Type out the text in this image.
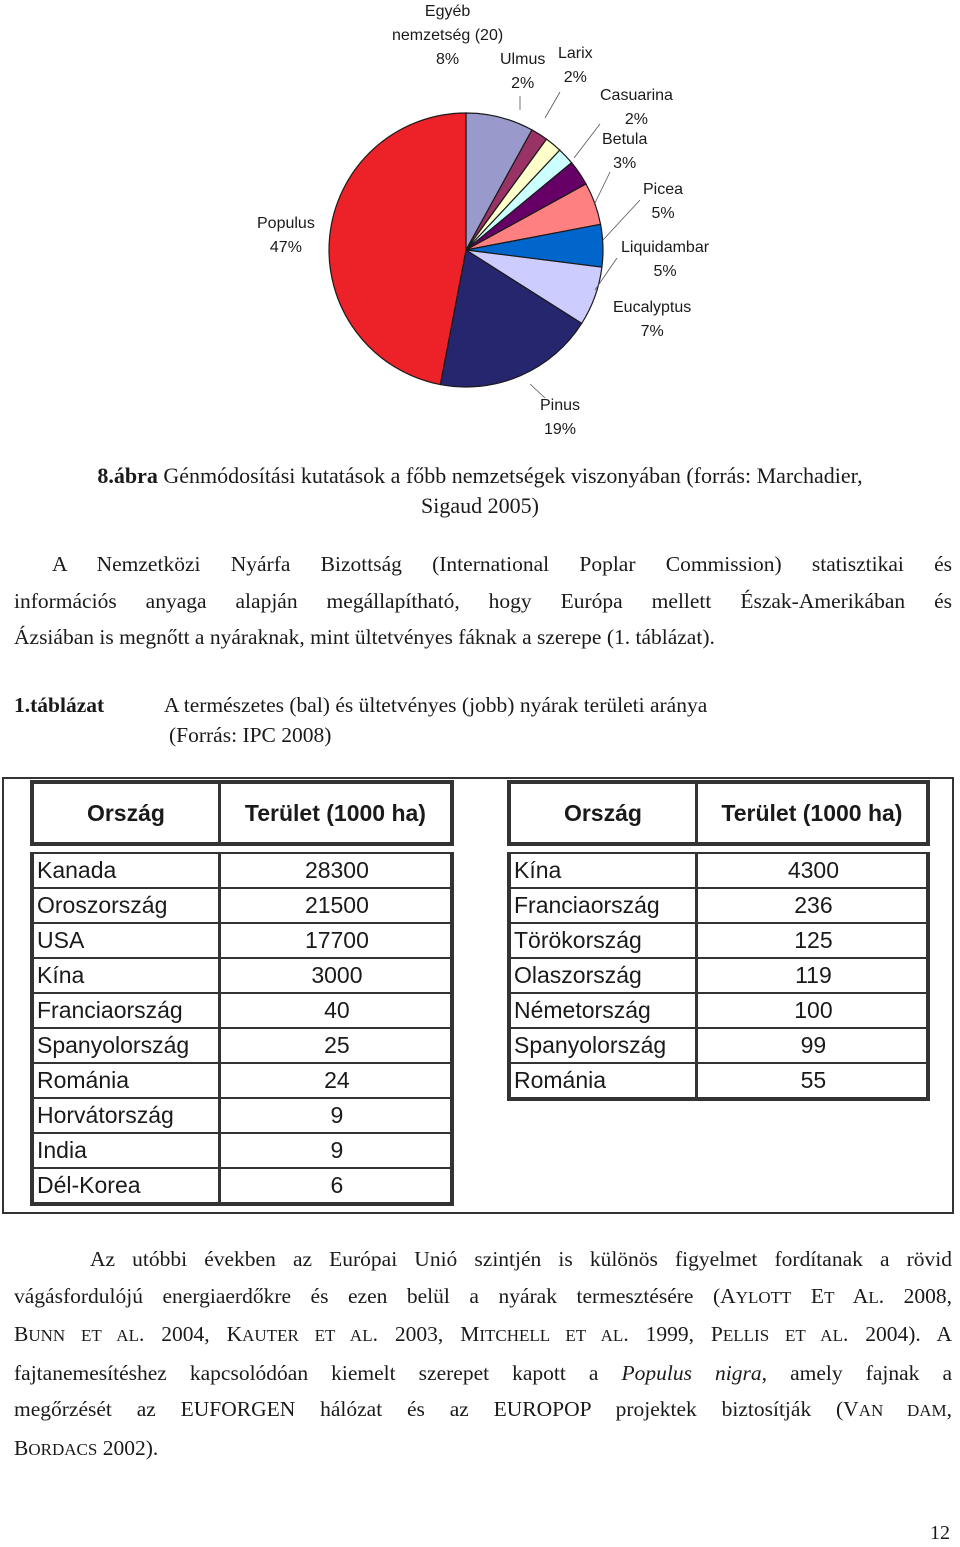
Egyéb
nemzetség (20)
8%	Ulmus
2%
Larix
2%
Casuarina
2%
Betula
3%
Picea
5%
Liquidambar
5%
Eucalyptus
7%
Pinus
19%
Populus
47%
8.ábra Génmódosítási kutatások a főbb nemzetségek viszonyában (forrás: Marchadier,
Sigaud 2005)
A Nemzetközi Nyárfa Bizottság (International Poplar Commission) statisztikai és
információs anyaga alapján megállapítható, hogy Európa mellett Észak-Amerikában és
Ázsiában is megnőtt a nyáraknak, mint ültetvényes fáknak a szerepe (1. táblázat).
1.táblázat	A természetes (bal) és ültetvényes (jobb) nyárak területi aránya
(Forrás: IPC 2008)
Ország	Terület (1000 ha)

Kanada	28300
Oroszország	21500
USA	17700
Kína	3000
Franciaország	40
Spanyolország	25
Románia	24
Horvátország	9
India	9
Dél-Korea	6
Ország	Terület (1000 ha)

Kína	4300
Franciaország	236
Törökország	125
Olaszország	119
Németország	100
Spanyolország	99
Románia	55
Az utóbbi években az Európai Unió szintjén is különös figyelmet fordítanak a rövid
vágásfordulójú energiaerdőkre és ezen belül a nyárak termesztésére (AYLOTT ET AL. 2008,
BUNN ET AL. 2004, KAUTER ET AL. 2003, MITCHELL ET AL. 1999, PELLIS ET AL. 2004). A
fajtanemesítéshez kapcsolódóan kiemelt szerepet kapott a Populus nigra, amely fajnak a
megőrzését az EUFORGEN hálózat és az EUROPOP projektek biztosítják (VAN DAM,
BORDACS 2002).
12
